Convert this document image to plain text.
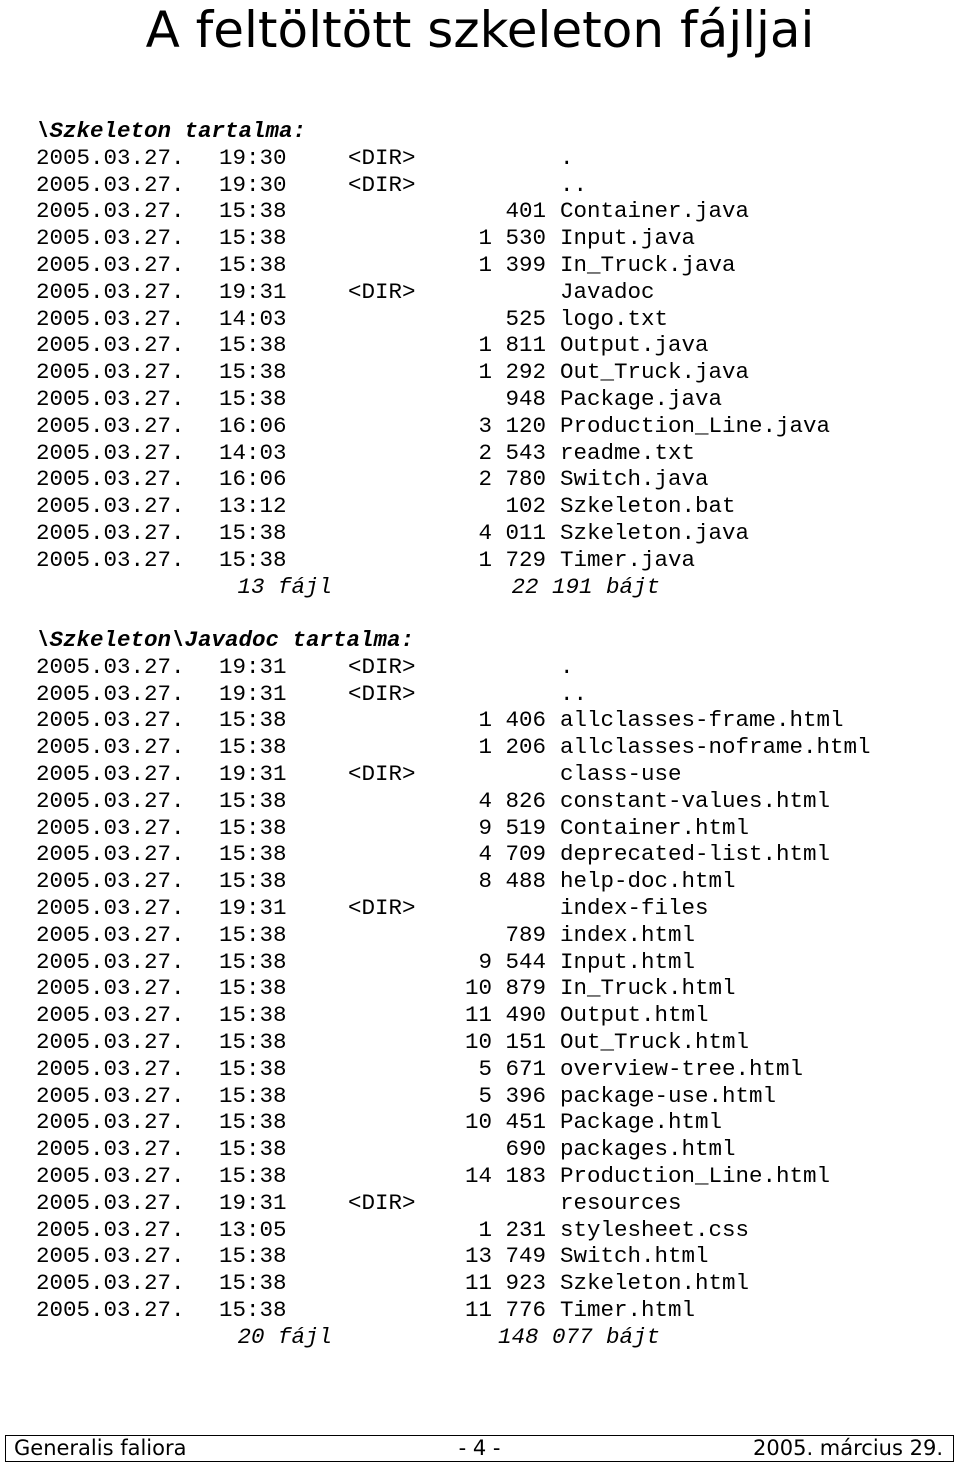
A feltöltött szkeleton fájljai
\Szkeleton tartalma:
2005.03.27. 19:30	<DIR>	.
2005.03.27. 19:30	<DIR>	..
2005.03.27. 15:38	401 Container.java
2005.03.27. 15:38	1 530 Input.java
2005.03.27. 15:38	1 399 In_Truck.java
2005.03.27. 19:31	<DIR>	Javadoc
2005.03.27. 14:03	525 logo.txt
2005.03.27. 15:38	1 811 Output.java
2005.03.27. 15:38	1 292 Out_Truck.java
2005.03.27. 15:38	948 Package.java
2005.03.27. 16:06	3 120 Production_Line.java
2005.03.27. 14:03	2 543 readme.txt
2005.03.27. 16:06	2 780 Switch.java
2005.03.27. 13:12	102 Szkeleton.bat
2005.03.27. 15:38	4 011 Szkeleton.java
2005.03.27. 15:38	1 729 Timer.java
13 fájl	22 191 bájt
\Szkeleton\Javadoc tartalma:
2005.03.27. 19:31	<DIR>	.
2005.03.27. 19:31	<DIR>	..
2005.03.27. 15:38	1 406 allclasses-frame.html
2005.03.27. 15:38	1 206 allclasses-noframe.html
2005.03.27. 19:31	<DIR>	class-use
2005.03.27. 15:38	4 826 constant-values.html
2005.03.27. 15:38	9 519 Container.html
2005.03.27. 15:38	4 709 deprecated-list.html
2005.03.27. 15:38	8 488 help-doc.html
2005.03.27. 19:31	<DIR>	index-files
2005.03.27. 15:38	789 index.html
2005.03.27. 15:38	9 544 Input.html
2005.03.27. 15:38	10 879 In_Truck.html
2005.03.27. 15:38	11 490 Output.html
2005.03.27. 15:38	10 151 Out_Truck.html
2005.03.27. 15:38	5 671 overview-tree.html
2005.03.27. 15:38	5 396 package-use.html
2005.03.27. 15:38	10 451 Package.html
2005.03.27. 15:38	690 packages.html
2005.03.27. 15:38	14 183 Production_Line.html
2005.03.27. 19:31	<DIR>	resources
2005.03.27. 13:05	1 231 stylesheet.css
2005.03.27. 15:38	13 749 Switch.html
2005.03.27. 15:38	11 923 Szkeleton.html
2005.03.27. 15:38	11 776 Timer.html
20 fájl	148 077 bájt
Generalis faliora	- 4 -	2005. március 29.
